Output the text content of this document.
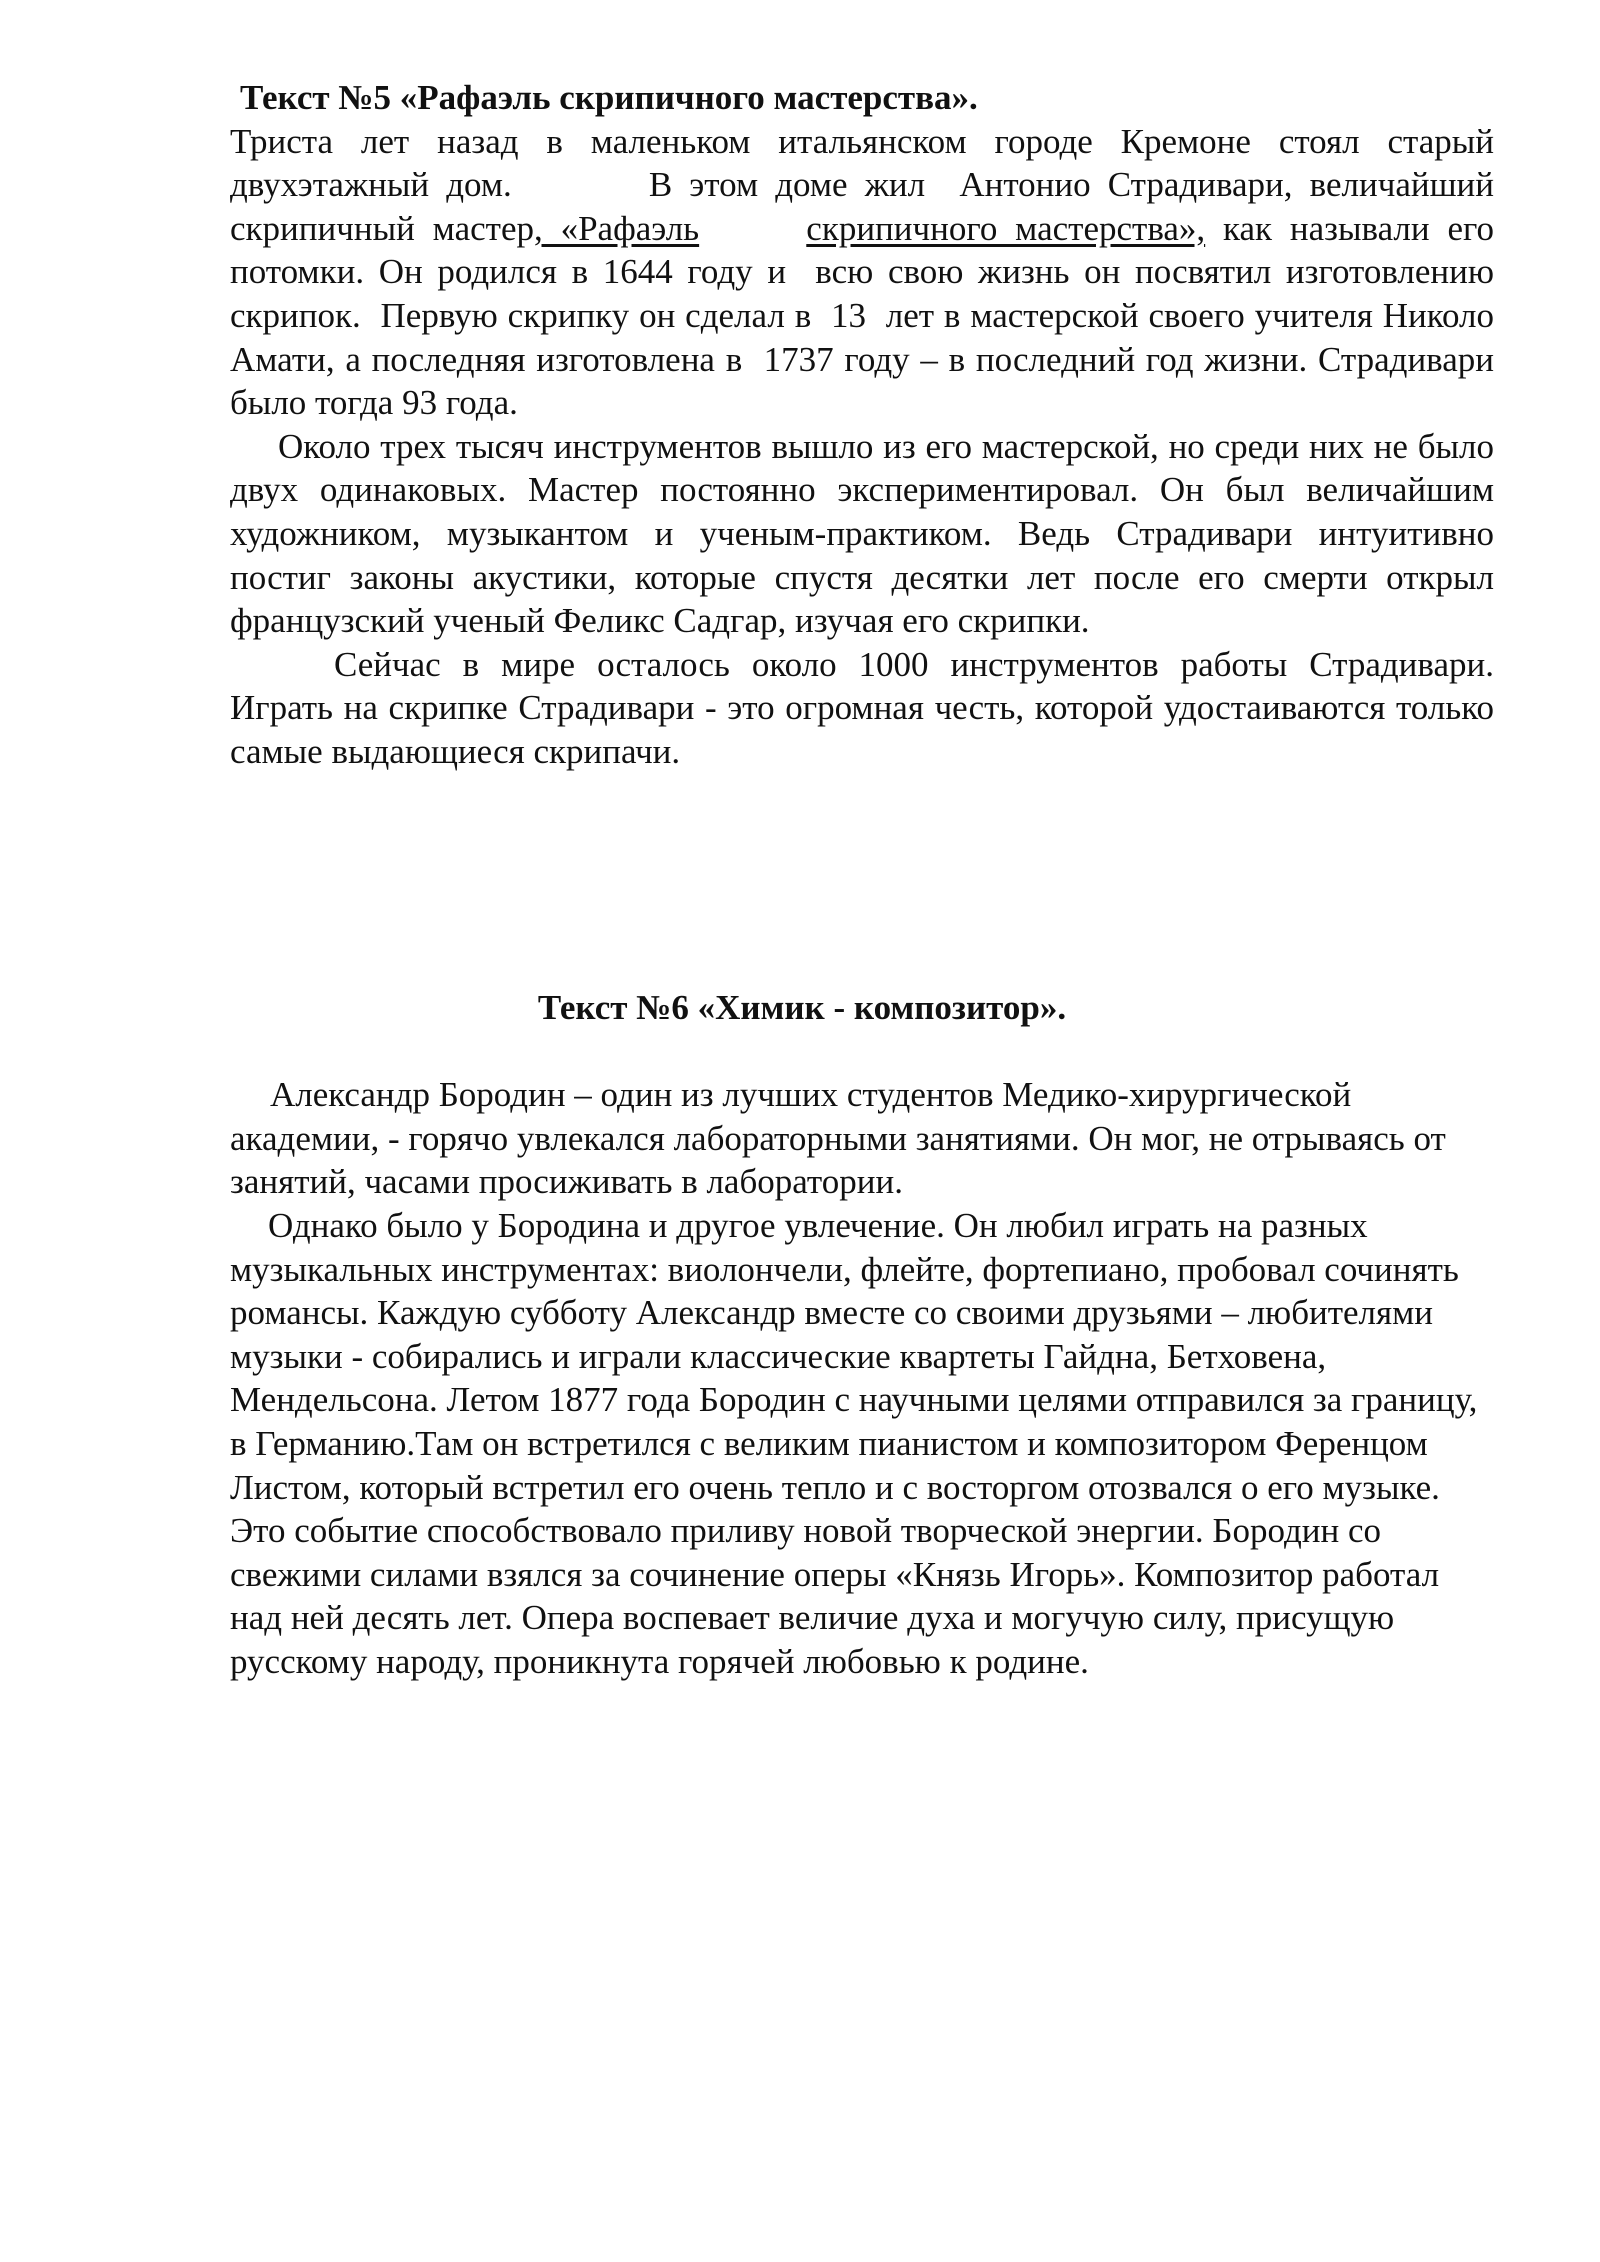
Текст №5 «Рафаэль скрипичного мастерства».

Триста лет назад в маленьком итальянском городе Кремоне стоял старый двухэтажный дом.        В этом доме жил  Антонио Страдивари, величайший скрипичный мастер, «Рафаэль	скрипичного мастерства», как называли его потомки. Он родился в 1644 году и  всю свою жизнь он посвятил изготовлению скрипок.  Первую скрипку он сделал в  13  лет в мастерской своего учителя Николо Амати, а последняя изготовлена в  1737 году – в последний год жизни. Страдивари было тогда 93 года.

Около трех тысяч инструментов вышло из его мастерской, но среди них не было двух одинаковых. Мастер постоянно экспериментировал. Он был величайшим художником, музыкантом и ученым-практиком. Ведь Страдивари интуитивно постиг законы акустики, которые спустя десятки лет после его смерти открыл французский ученый Феликс Садгар, изучая его скрипки.

Сейчас в мире осталось около 1000 инструментов работы Страдивари. Играть на скрипке Страдивари - это огромная честь, которой удостаиваются только самые выдающиеся скрипачи.

Текст №6 «Химик - композитор».

Александр Бородин – один из лучших студентов Медико-хирургической академии, - горячо увлекался лабораторными занятиями. Он мог, не отрываясь от занятий, часами просиживать в лаборатории.

Однако было у Бородина и другое увлечение. Он любил играть на разных музыкальных инструментах: виолончели, флейте, фортепиано, пробовал сочинять романсы. Каждую субботу Александр вместе со своими друзьями – любителями музыки - собирались и играли классические квартеты Гайдна, Бетховена, Мендельсона. Летом 1877 года Бородин с научными целями отправился за границу, в Германию.Там он встретился с великим пианистом и композитором Ференцом Листом, который встретил его очень тепло и с восторгом отозвался о его музыке. Это событие способствовало приливу новой творческой энергии. Бородин со свежими силами взялся за сочинение оперы «Князь Игорь». Композитор работал над ней десять лет. Опера воспевает величие духа и могучую силу, присущую русскому народу, проникнута горячей любовью к родине.
